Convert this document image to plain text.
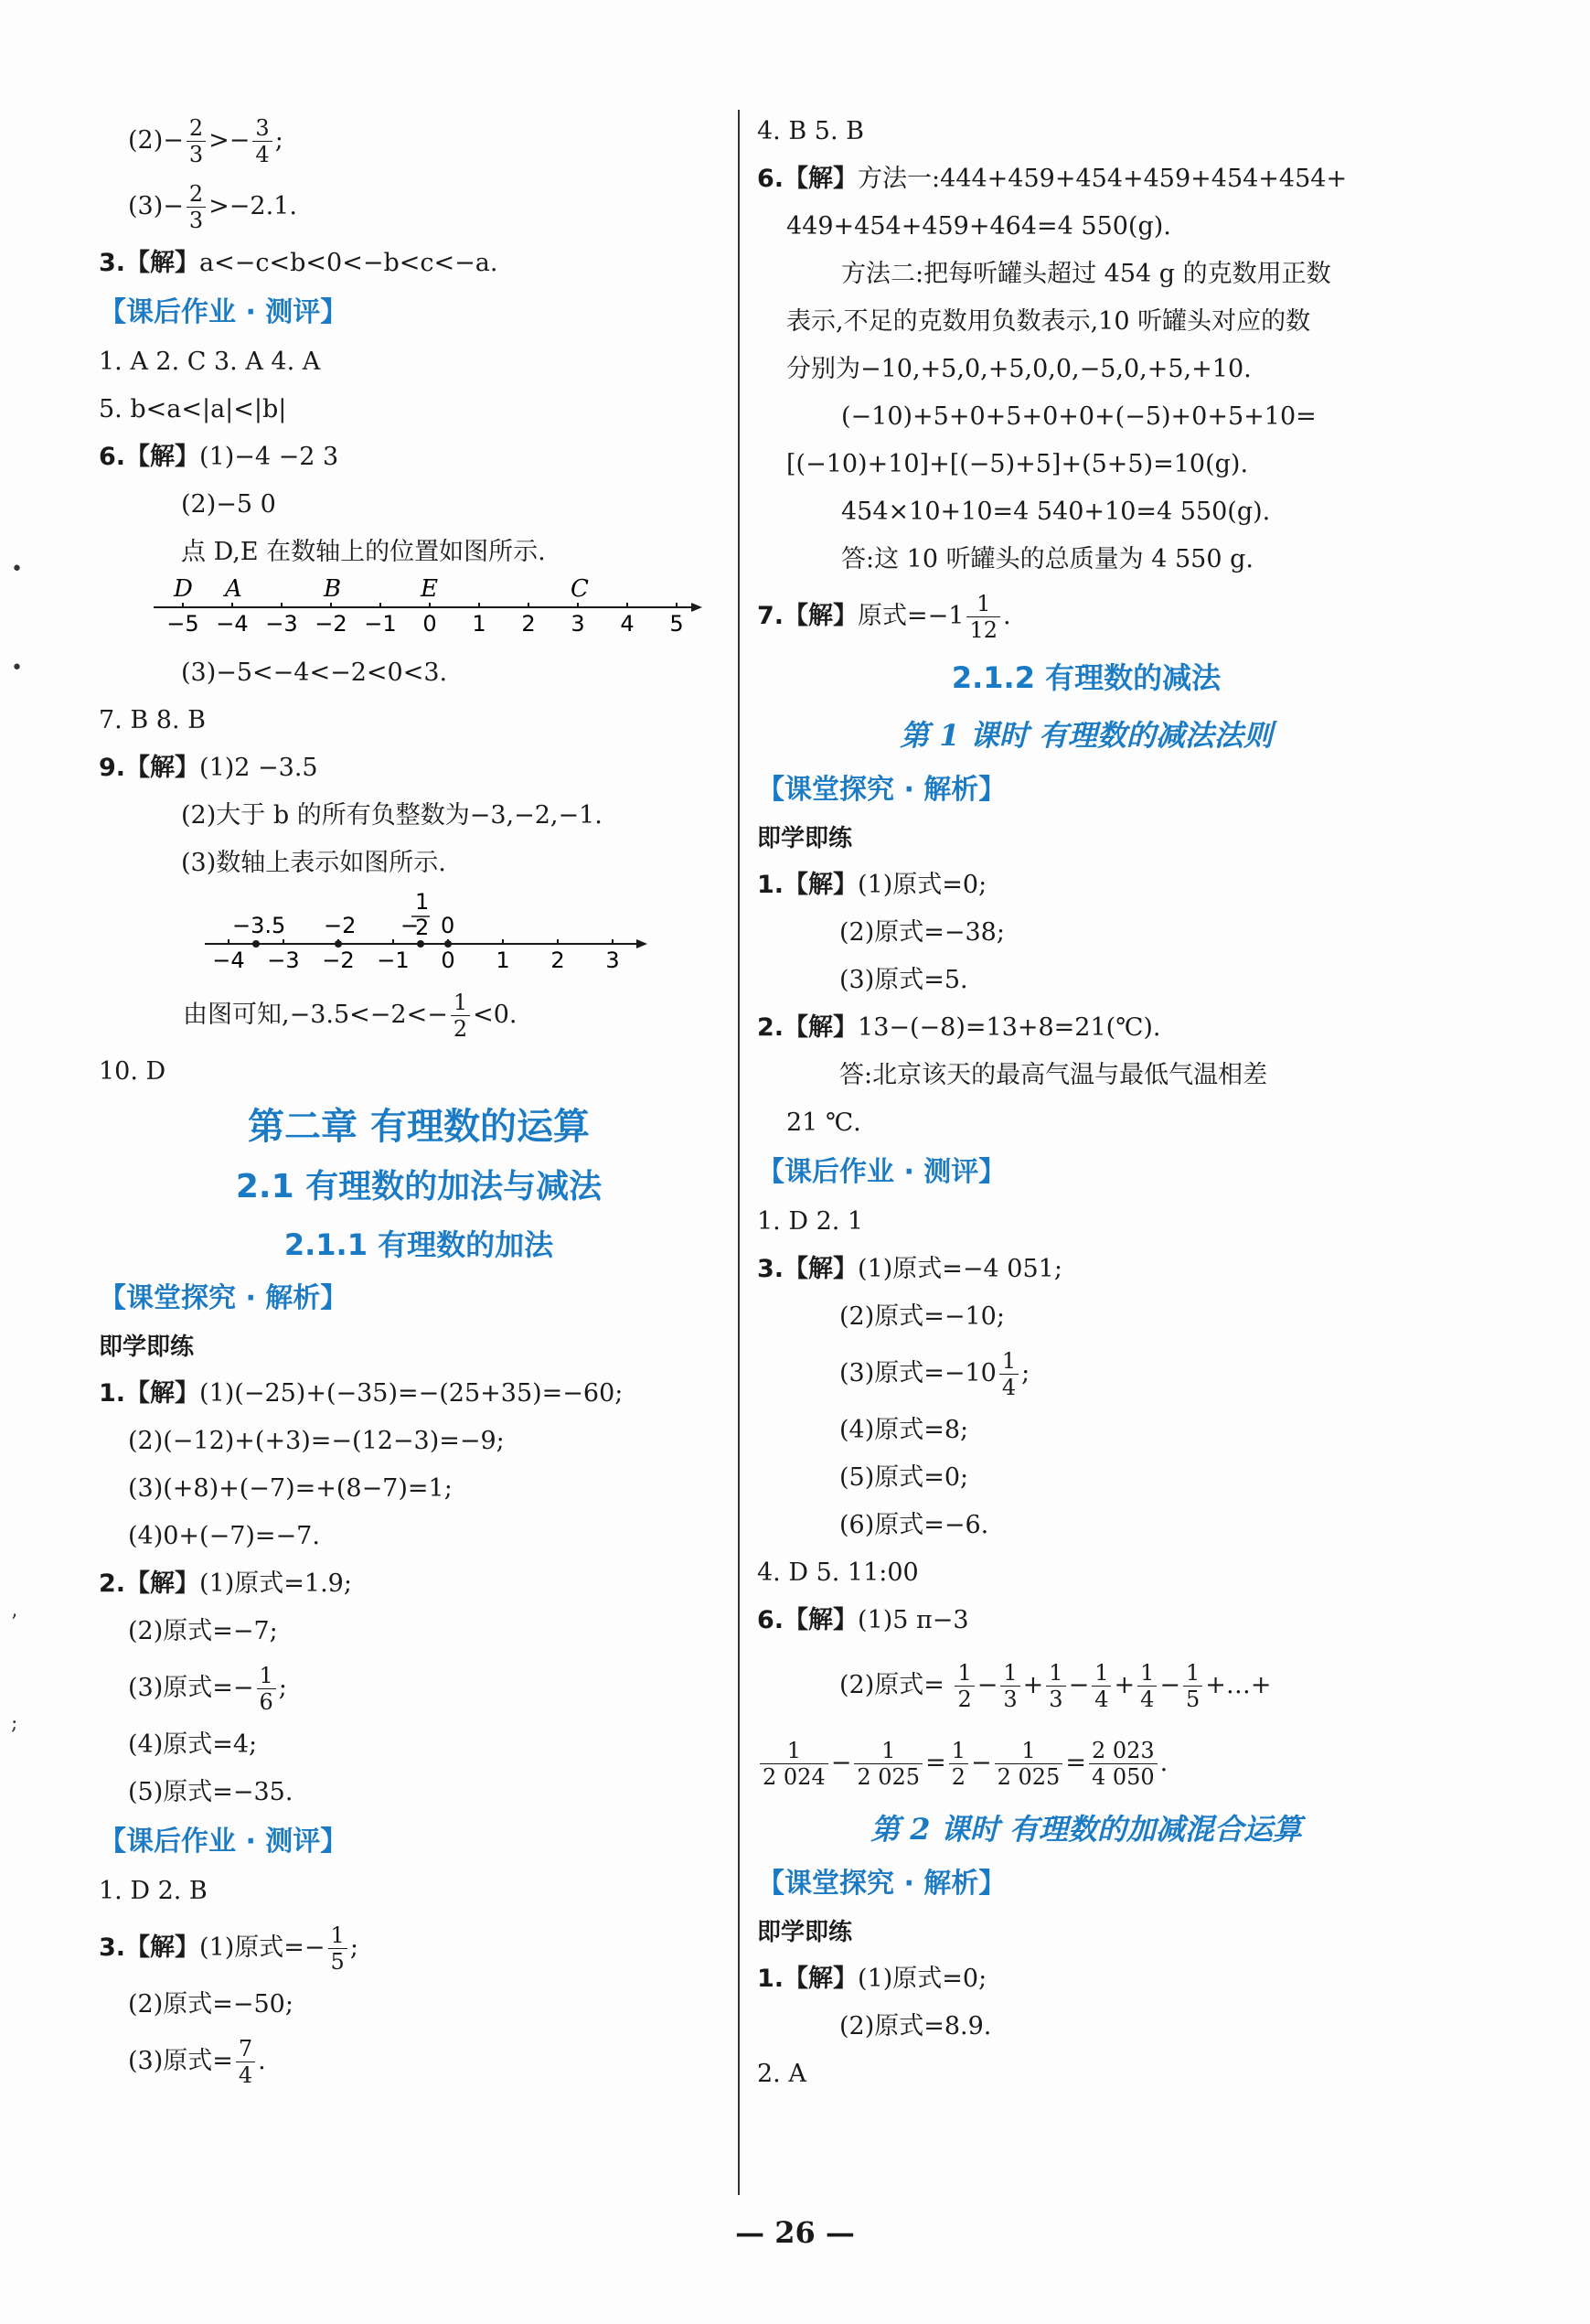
•
•
’
;
$(2)- \frac{2}{3} >- \frac{3}{4}$ ;
$(3)- \frac{2}{3} >-2.1$.
3.【解】a<−c<b<0<−b<c<−a.
【课后作业 · 测评】
1. A 2. C 3. A 4. A
5. b<a<|a|<|b|
6.【解】(1)−4 −2 3
(2)−5 0
点 D,E 在数轴上的位置如图所示.
−5 −4 −3 −2 −1 0 1 2 3 4 5
D A	B	E	C
(3)−5<−4<−2<0<3.
7. B 8. B
9.【解】(1)2 −3.5
(2)大于 b 的所有负整数为−3,−2,−1.
(3)数轴上表示如图所示.
−4 −3 −2 −1 0 1 2 3
−3.5 −2 −
1
2 0
由图可知$,-3.5<-2<- \frac{1}{2} <0$.
10. D
第二章 有理数的运算
2.1 有理数的加法与减法
2.1.1 有理数的加法
【课堂探究 · 解析】
即学即练
1.【解】(1)(−25)+(−35)=−(25+35)=−60;
(2)(−12)+(+3)=−(12−3)=−9;
(3)(+8)+(−7)=+(8−7)=1;
(4)0+(−7)=−7.
2.【解】(1)原式=1.9;
(2)原式=−7;
(3)原式=− $\frac{1}{6}$ ;
(4)原式=4;
(5)原式=−35.
【课后作业 · 测评】
1. D 2. B
3.【解】(1)原式=− $\frac{1}{5}$ ;
(2)原式=−50;
(3)原式= $\frac{7}{4}$ .
4. B 5. B
6.【解】方法一:444+459+454+459+454+454+
449+454+459+464=4 550(g).
方法二:把每听罐头超过 454 g 的克数用正数
表示,不足的克数用负数表示,10 听罐头对应的数
分别为−10,+5,0,+5,0,0,−5,0,+5,+10.
(−10)+5+0+5+0+0+(−5)+0+5+10=
[(−10)+10]+[(−5)+5]+(5+5)=10(g).
454×10+10=4 540+10=4 550(g).
答:这 10 听罐头的总质量为 4 550 g.
7.【解】原式$=-1 \frac{1}{12}$ .
2.1.2 有理数的减法
第 1 课时 有理数的减法法则
【课堂探究 · 解析】
即学即练
1.【解】(1)原式=0;
(2)原式=−38;
(3)原式=5.
2.【解】13−(−8)=13+8=21(℃).
答:北京该天的最高气温与最低气温相差
21 ℃.
【课后作业 · 测评】
1. D 2. 1
3.【解】(1)原式=−4 051;
(2)原式=−10;
(3)原式$=-10 \frac{1}{4}$ ;
(4)原式=8;
(5)原式=0;
(6)原式=−6.
4. D 5. 11:00
6.【解】(1)5 π−3
(2)原式= $\frac{1}{2} - \frac{1}{3} + \frac{1}{3} - \frac{1}{4} + \frac{1}{4} - \frac{1}{5}$ +…+
$\frac{1}{2 024} - \frac{1}{2 025} = \frac{1}{2} - \frac{1}{2 025} = \frac{2 023}{4 050}$ .
第 2 课时 有理数的加减混合运算
【课堂探究 · 解析】
即学即练
1.【解】(1)原式=0;
(2)原式=8.9.
2. A
— 26 —
